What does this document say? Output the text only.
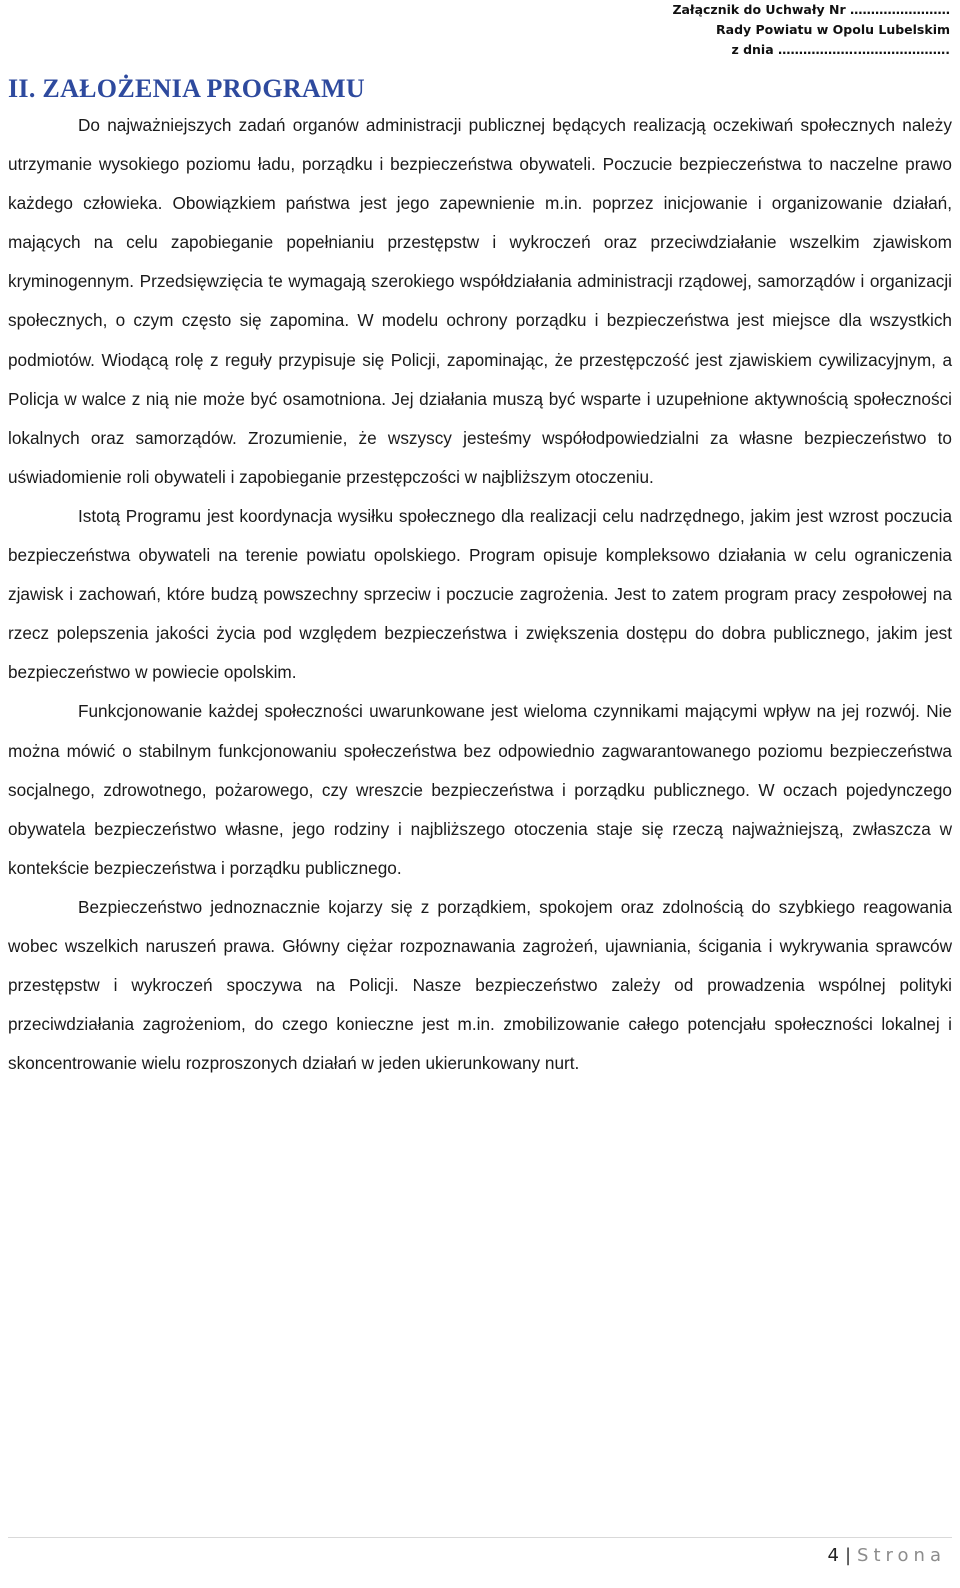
Załącznik do Uchwały Nr ……………………
Rady Powiatu w Opolu Lubelskim
z dnia ……………….………………….
II. ZAŁOŻENIA PROGRAMU

Do najważniejszych zadań organów administracji publicznej będących realizacją oczekiwań społecznych należy utrzymanie wysokiego poziomu ładu, porządku i bezpieczeństwa obywateli. Poczucie bezpieczeństwa to naczelne prawo każdego człowieka. Obowiązkiem państwa jest jego zapewnienie m.in. poprzez inicjowanie i organizowanie działań, mających na celu zapobieganie popełnianiu przestępstw i wykroczeń oraz przeciwdziałanie wszelkim zjawiskom kryminogennym. Przedsięwzięcia te wymagają szerokiego współdziałania administracji rządowej, samorządów i organizacji społecznych, o czym często się zapomina. W modelu ochrony porządku i bezpieczeństwa jest miejsce dla wszystkich podmiotów. Wiodącą rolę z reguły przypisuje się Policji, zapominając, że przestępczość jest zjawiskiem cywilizacyjnym, a Policja w walce z nią nie może być osamotniona. Jej działania muszą być wsparte i uzupełnione aktywnością społeczności lokalnych oraz samorządów. Zrozumienie, że wszyscy jesteśmy współodpowiedzialni za własne bezpieczeństwo to uświadomienie roli obywateli i zapobieganie przestępczości w najbliższym otoczeniu.

Istotą Programu jest koordynacja wysiłku społecznego dla realizacji celu nadrzędnego, jakim jest wzrost poczucia bezpieczeństwa obywateli na terenie powiatu opolskiego. Program opisuje kompleksowo działania w celu ograniczenia zjawisk i zachowań, które budzą powszechny sprzeciw i poczucie zagrożenia. Jest to zatem program pracy zespołowej na rzecz polepszenia jakości życia pod względem bezpieczeństwa i zwiększenia dostępu do dobra publicznego, jakim jest bezpieczeństwo w powiecie opolskim.

Funkcjonowanie każdej społeczności uwarunkowane jest wieloma czynnikami mającymi wpływ na jej rozwój. Nie można mówić o stabilnym funkcjonowaniu społeczeństwa bez odpowiednio zagwarantowanego poziomu bezpieczeństwa socjalnego, zdrowotnego, pożarowego, czy wreszcie bezpieczeństwa i porządku publicznego. W oczach pojedynczego obywatela bezpieczeństwo własne, jego rodziny i najbliższego otoczenia staje się rzeczą najważniejszą, zwłaszcza w kontekście bezpieczeństwa i porządku publicznego.

Bezpieczeństwo jednoznacznie kojarzy się z porządkiem, spokojem oraz zdolnością do szybkiego reagowania wobec wszelkich naruszeń prawa. Główny ciężar rozpoznawania zagrożeń, ujawniania, ścigania i wykrywania sprawców przestępstw i wykroczeń spoczywa na Policji. Nasze bezpieczeństwo zależy od prowadzenia wspólnej polityki przeciwdziałania zagrożeniom, do czego konieczne jest m.in. zmobilizowanie całego potencjału społeczności lokalnej i skoncentrowanie wielu rozproszonych działań w jeden ukierunkowany nurt.

4 | Strona
